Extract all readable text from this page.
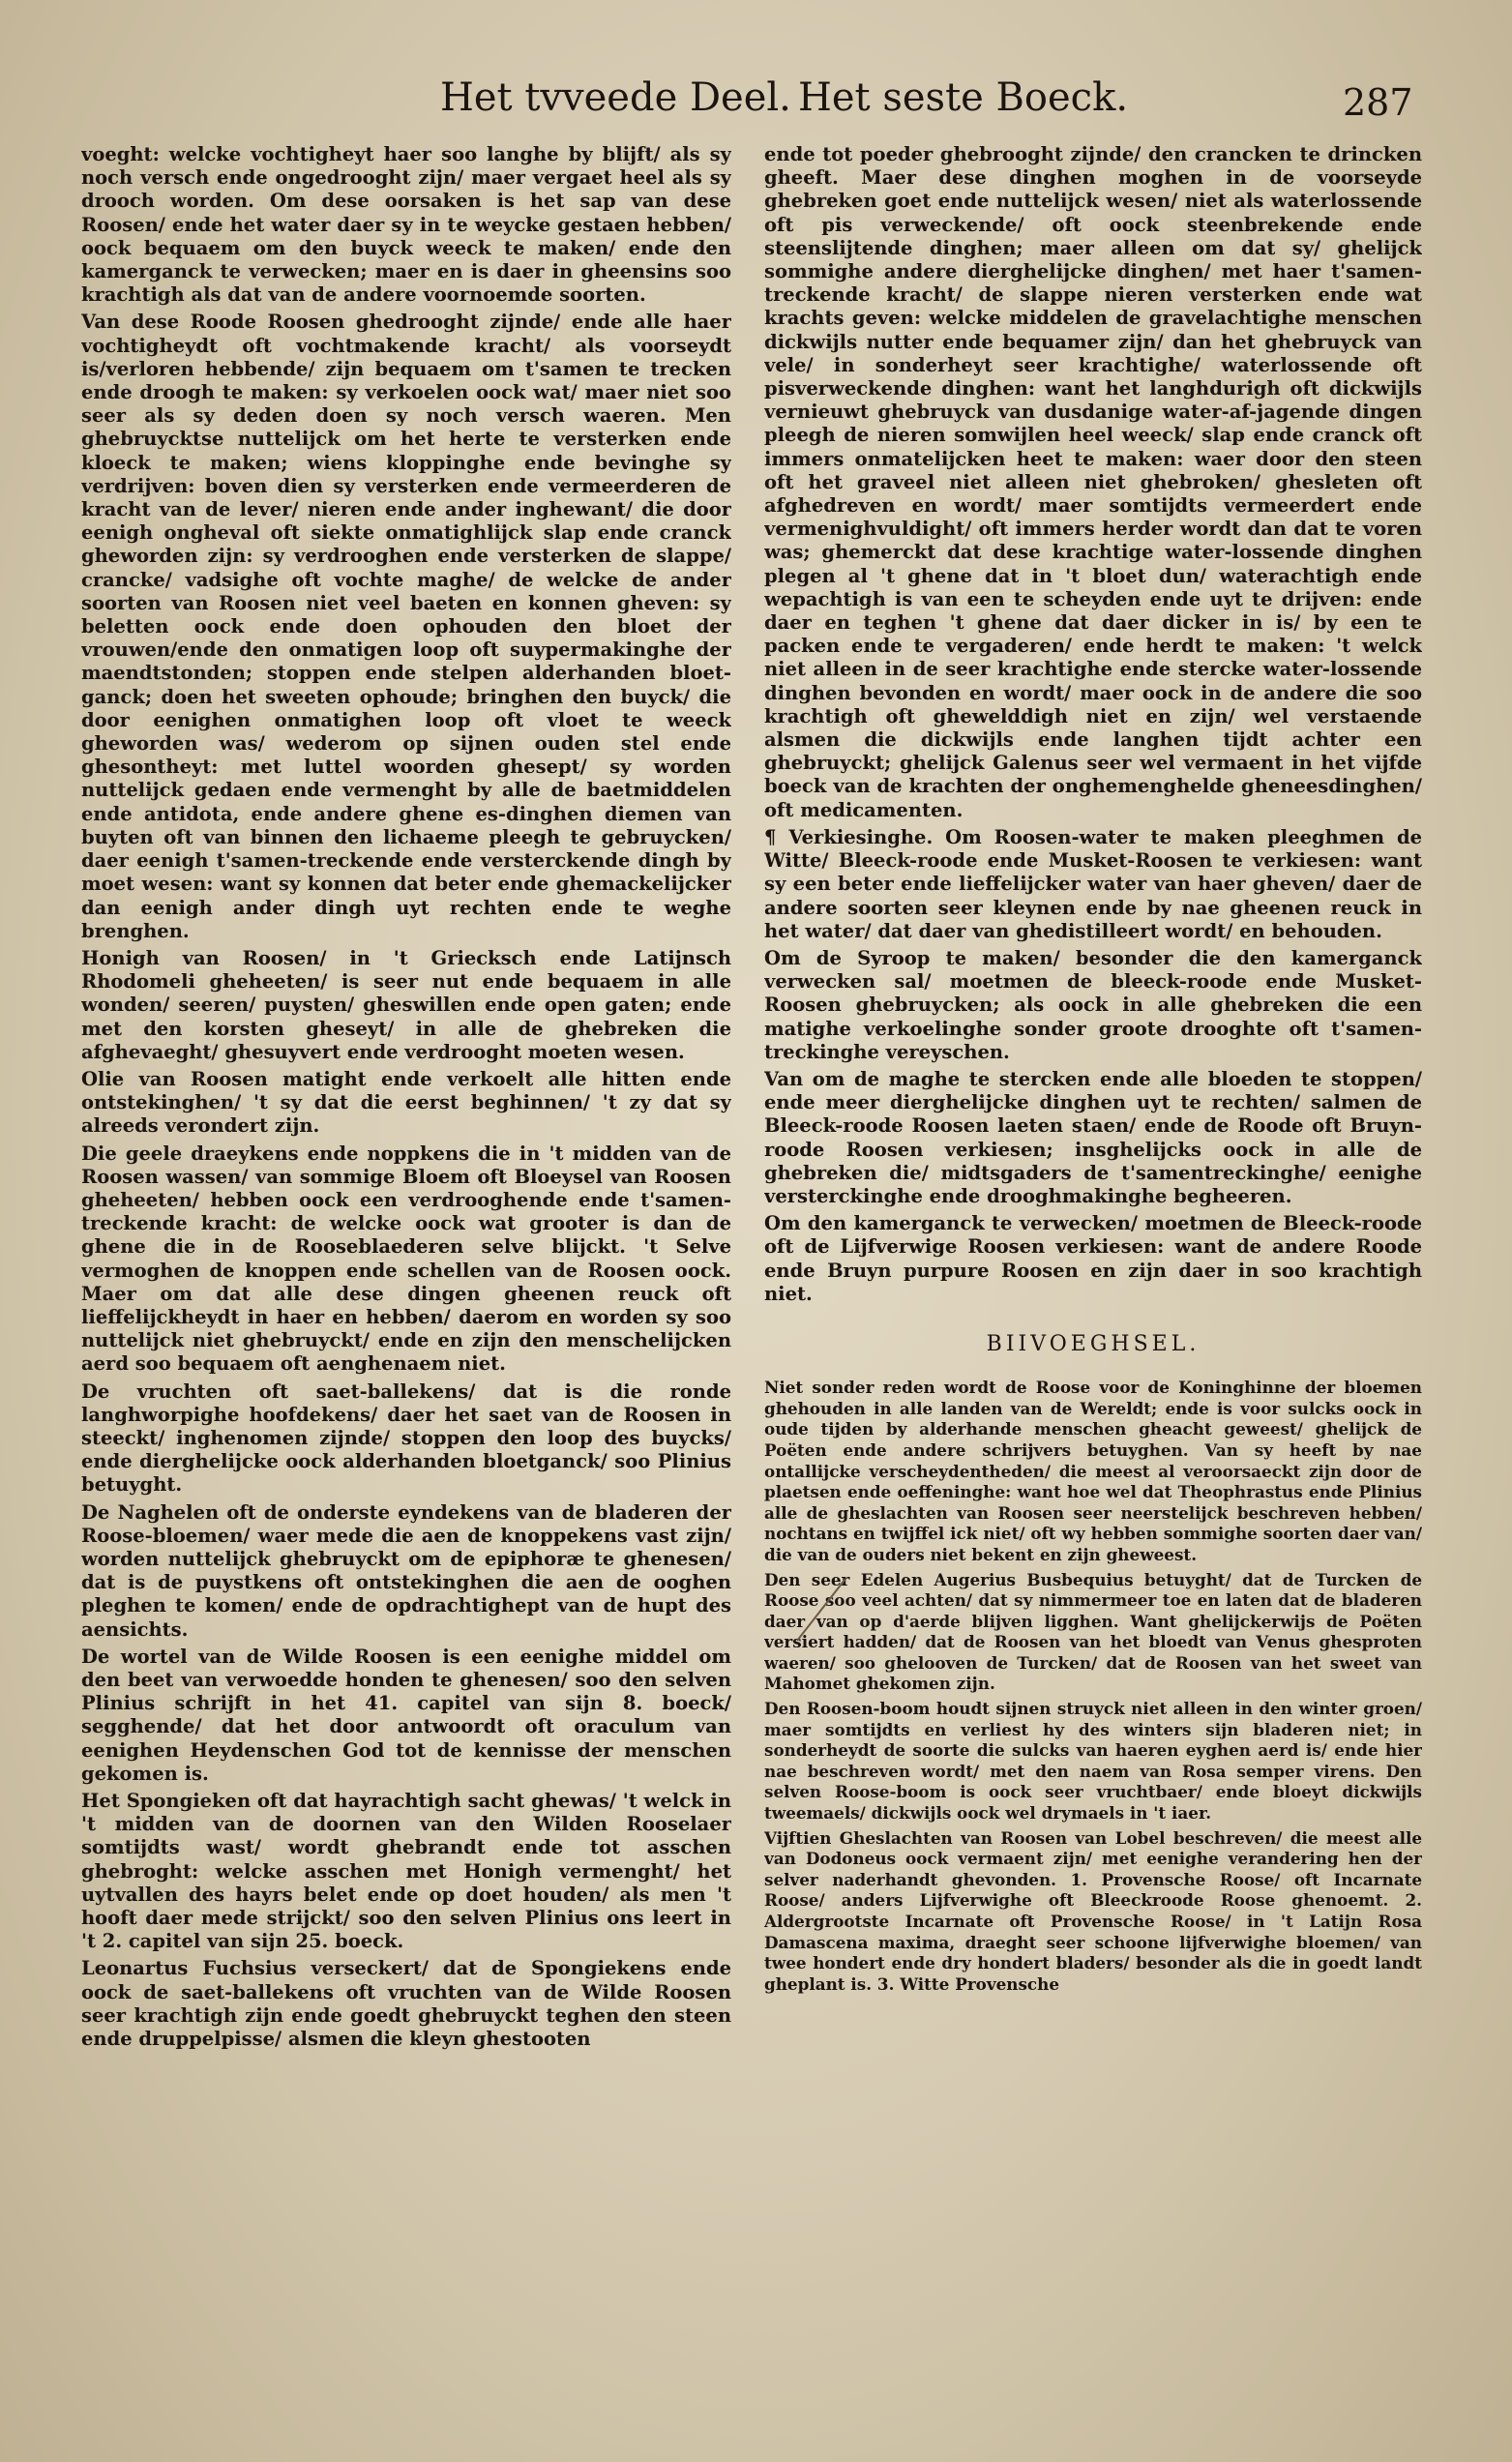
Het tvveede Deel. Het seste Boeck.	287

voeght: welcke vochtigheyt haer soo langhe by blijft/ als sy noch versch ende ongedrooght zijn/ maer vergaet heel als sy drooch worden. Om dese oorsaken is het sap van dese Roosen/ ende het water daer sy in te weycke gestaen hebben/ oock bequaem om den buyck weeck te maken/ ende den kamerganck te verwecken; maer en is daer in gheensins soo krachtigh als dat van de andere voornoemde soorten.

Van dese Roode Roosen ghedrooght zijnde/ ende alle haer vochtigheydt oft vochtmakende kracht/ als voorseydt is/verloren hebbende/ zijn bequaem om t'samen te trecken ende droogh te maken: sy verkoelen oock wat/ maer niet soo seer als sy deden doen sy noch versch waeren. Men ghebruycktse nuttelijck om het herte te versterken ende kloeck te maken; wiens kloppinghe ende bevinghe sy verdrijven: boven dien sy versterken ende vermeerderen de kracht van de lever/ nieren ende ander inghewant/ die door eenigh ongheval oft siekte onmatighlijck slap ende cranck gheworden zijn: sy verdrooghen ende versterken de slappe/ crancke/ vadsighe oft vochte maghe/ de welcke de ander soorten van Roosen niet veel baeten en konnen gheven: sy beletten oock ende doen ophouden den bloet der vrouwen/ende den onmatigen loop oft suypermakinghe der maendtstonden; stoppen ende stelpen alderhanden bloet-ganck; doen het sweeten ophoude; bringhen den buyck/ die door eenighen onmatighen loop oft vloet te weeck gheworden was/ wederom op sijnen ouden stel ende ghesontheyt: met luttel woorden ghesept/ sy worden nuttelijck gedaen ende vermenght by alle de baetmiddelen ende antidota, ende andere ghene es-dinghen diemen van buyten oft van binnen den lichaeme pleegh te gebruycken/ daer eenigh t'samen-treckende ende versterckende dingh by moet wesen: want sy konnen dat beter ende ghemackelijcker dan eenigh ander dingh uyt rechten ende te weghe brenghen.

Honigh van Roosen/ in 't Griecksch ende Latijnsch Rhodomeli gheheeten/ is seer nut ende bequaem in alle wonden/ seeren/ puysten/ gheswillen ende open gaten; ende met den korsten gheseyt/ in alle de ghebreken die afghevaeght/ ghesuyvert ende verdrooght moeten wesen.

Olie van Roosen matight ende verkoelt alle hitten ende ontstekinghen/ 't sy dat die eerst beghinnen/ 't zy dat sy alreeds verondert zijn.

Die geele draeykens ende noppkens die in 't midden van de Roosen wassen/ van sommige Bloem oft Bloeysel van Roosen gheheeten/ hebben oock een verdrooghende ende t'samen-treckende kracht: de welcke oock wat grooter is dan de ghene die in de Rooseblaederen selve blijckt. 't Selve vermoghen de knoppen ende schellen van de Roosen oock. Maer om dat alle dese dingen gheenen reuck oft lieffelijckheydt in haer en hebben/ daerom en worden sy soo nuttelijck niet ghebruyckt/ ende en zijn den menschelijcken aerd soo bequaem oft aenghenaem niet.

De vruchten oft saet-ballekens/ dat is die ronde langhworpighe hoofdekens/ daer het saet van de Roosen in steeckt/ inghenomen zijnde/ stoppen den loop des buycks/ ende dierghelijcke oock alderhanden bloetganck/ soo Plinius betuyght.

De Naghelen oft de onderste eyndekens van de bladeren der Roose-bloemen/ waer mede die aen de knoppekens vast zijn/ worden nuttelijck ghebruyckt om de epiphoræ te ghenesen/ dat is de puystkens oft ontstekinghen die aen de ooghen pleghen te komen/ ende de opdrachtighept van de hupt des aensichts.

De wortel van de Wilde Roosen is een eenighe middel om den beet van verwoedde honden te ghenesen/ soo den selven Plinius schrijft in het 41. capitel van sijn 8. boeck/ segghende/ dat het door antwoordt oft oraculum van eenighen Heydenschen God tot de kennisse der menschen gekomen is.

Het Spongieken oft dat hayrachtigh sacht ghewas/ 't welck in 't midden van de doornen van den Wilden Rooselaer somtijdts wast/ wordt ghebrandt ende tot asschen ghebroght: welcke asschen met Honigh vermenght/ het uytvallen des hayrs belet ende op doet houden/ als men 't hooft daer mede strijckt/ soo den selven Plinius ons leert in 't 2. capitel van sijn 25. boeck.

Leonartus Fuchsius verseckert/ dat de Spongiekens ende oock de saet-ballekens oft vruchten van de Wilde Roosen seer krachtigh zijn ende goedt ghebruyckt teghen den steen ende druppelpisse/ alsmen die kleyn ghestooten

ende tot poeder ghebrooght zijnde/ den crancken te drincken gheeft. Maer dese dinghen moghen in de voorseyde ghebreken goet ende nuttelijck wesen/ niet als waterlossende oft pis verweckende/ oft oock steenbrekende ende steenslijtende dinghen; maer alleen om dat sy/ ghelijck sommighe andere dierghelijcke dinghen/ met haer t'samen-treckende kracht/ de slappe nieren versterken ende wat krachts geven: welcke middelen de gravelachtighe menschen dickwijls nutter ende bequamer zijn/ dan het ghebruyck van vele/ in sonderheyt seer krachtighe/ waterlossende oft pisverweckende dinghen: want het langhdurigh oft dickwijls vernieuwt ghebruyck van dusdanige water-af-jagende dingen pleegh de nieren somwijlen heel weeck/ slap ende cranck oft immers onmatelijcken heet te maken: waer door den steen oft het graveel niet alleen niet ghebroken/ ghesleten oft afghedreven en wordt/ maer somtijdts vermeerdert ende vermenighvuldight/ oft immers herder wordt dan dat te voren was; ghemerckt dat dese krachtige water-lossende dinghen plegen al 't ghene dat in 't bloet dun/ waterachtigh ende wepachtigh is van een te scheyden ende uyt te drijven: ende daer en teghen 't ghene dat daer dicker in is/ by een te packen ende te vergaderen/ ende herdt te maken: 't welck niet alleen in de seer krachtighe ende stercke water-lossende dinghen bevonden en wordt/ maer oock in de andere die soo krachtigh oft ghewelddigh niet en zijn/ wel verstaende alsmen die dickwijls ende langhen tijdt achter een ghebruyckt; ghelijck Galenus seer wel vermaent in het vijfde boeck van de krachten der onghemenghelde gheneesdinghen/ oft medicamenten.

¶ Verkiesinghe. Om Roosen-water te maken pleeghmen de Witte/ Bleeck-roode ende Musket-Roosen te verkiesen: want sy een beter ende lieffelijcker water van haer gheven/ daer de andere soorten seer kleynen ende by nae gheenen reuck in het water/ dat daer van ghedistilleert wordt/ en behouden.

Om de Syroop te maken/ besonder die den kamerganck verwecken sal/ moetmen de bleeck-roode ende Musket-Roosen ghebruycken; als oock in alle ghebreken die een matighe verkoelinghe sonder groote drooghte oft t'samen-treckinghe vereyschen.

Van om de maghe te stercken ende alle bloeden te stoppen/ ende meer dierghelijcke dinghen uyt te rechten/ salmen de Bleeck-roode Roosen laeten staen/ ende de Roode oft Bruyn-roode Roosen verkiesen; insghelijcks oock in alle de ghebreken die/ midtsgaders de t'samentreckinghe/ eenighe versterckinghe ende drooghmakinghe begheeren.

Om den kamerganck te verwecken/ moetmen de Bleeck-roode oft de Lijfverwige Roosen verkiesen: want de andere Roode ende Bruyn purpure Roosen en zijn daer in soo krachtigh niet.

BIIVOEGHSEL.

Niet sonder reden wordt de Roose voor de Koninghinne der bloemen ghehouden in alle landen van de Wereldt; ende is voor sulcks oock in oude tijden by alderhande menschen gheacht geweest/ ghelijck de Poëten ende andere schrijvers betuyghen. Van sy heeft by nae ontallijcke verscheydentheden/ die meest al veroorsaeckt zijn door de plaetsen ende oeffeninghe: want hoe wel dat Theophrastus ende Plinius alle de gheslachten van Roosen seer neerstelijck beschreven hebben/ nochtans en twijffel ick niet/ oft wy hebben sommighe soorten daer van/ die van de ouders niet bekent en zijn gheweest.

Den seer Edelen Augerius Busbequius betuyght/ dat de Turcken de Roose soo veel achten/ dat sy nimmermeer toe en laten dat de bladeren daer van op d'aerde blijven ligghen. Want ghelijckerwijs de Poëten versiert hadden/ dat de Roosen van het bloedt van Venus ghesproten waeren/ soo ghelooven de Turcken/ dat de Roosen van het sweet van Mahomet ghekomen zijn.

Den Roosen-boom houdt sijnen struyck niet alleen in den winter groen/ maer somtijdts en verliest hy des winters sijn bladeren niet; in sonderheydt de soorte die sulcks van haeren eyghen aerd is/ ende hier nae beschreven wordt/ met den naem van Rosa semper virens. Den selven Roose-boom is oock seer vruchtbaer/ ende bloeyt dickwijls tweemaels/ dickwijls oock wel drymaels in 't iaer.

Vijftien Gheslachten van Roosen van Lobel beschreven/ die meest alle van Dodoneus oock vermaent zijn/ met eenighe verandering hen der selver naderhandt ghevonden. 1. Provensche Roose/ oft Incarnate Roose/ anders Lijfverwighe oft Bleeckroode Roose ghenoemt. 2. Aldergrootste Incarnate oft Provensche Roose/ in 't Latijn Rosa Damascena maxima, draeght seer schoone lijfverwighe bloemen/ van twee hondert ende dry hondert bladers/ besonder als die in goedt landt gheplant is. 3. Witte Provensche
